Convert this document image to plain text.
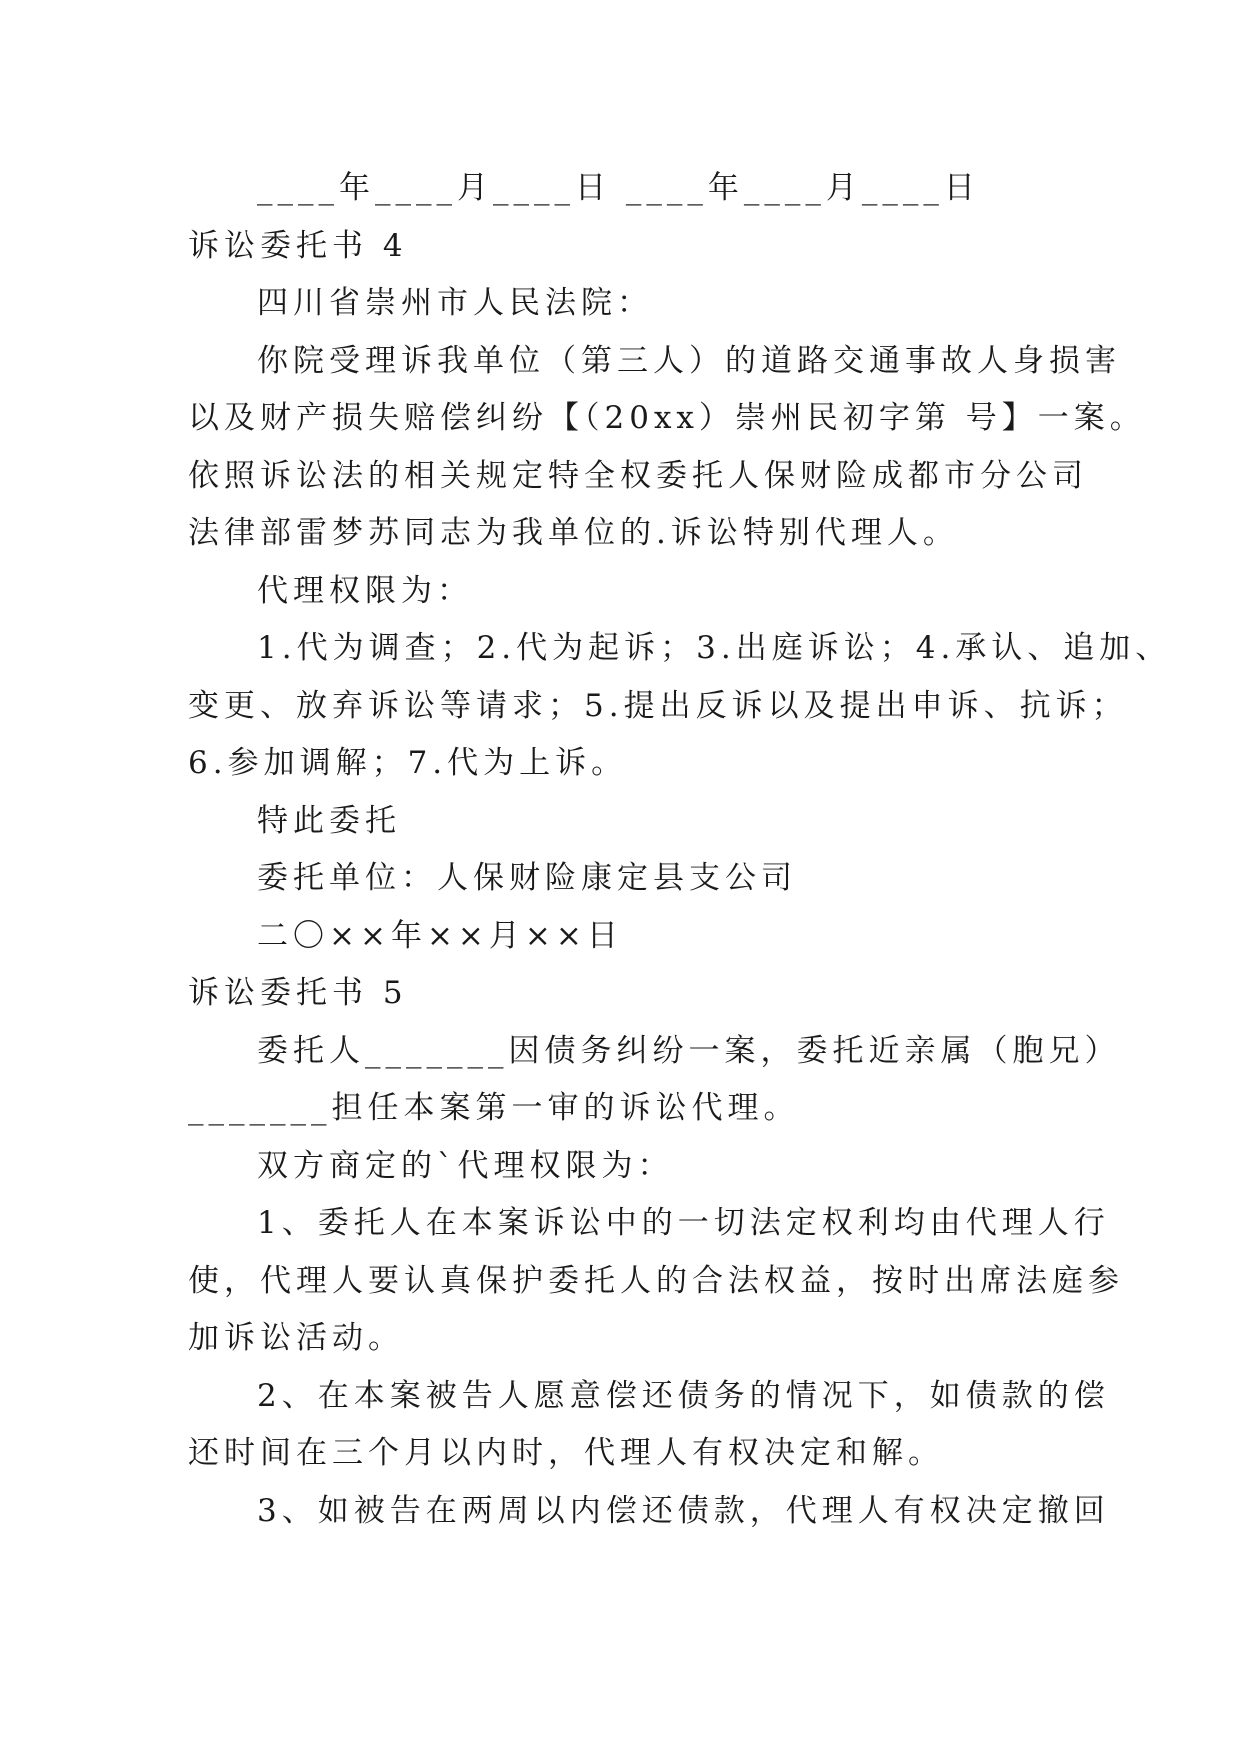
____年____月____日 ____年____月____日
诉讼委托书 4
四川省崇州市人民法院：
你院受理诉我单位（第三人）的道路交通事故人身损害
以及财产损失赔偿纠纷【（20xx）崇州民初字第 号】一案。
依照诉讼法的相关规定特全权委托人保财险成都市分公司
法律部雷梦苏同志为我单位的.诉讼特别代理人。
代理权限为：
1.代为调查；2.代为起诉；3.出庭诉讼；4.承认、追加、
变更、放弃诉讼等请求；5.提出反诉以及提出申诉、抗诉；
6.参加调解；7.代为上诉。
特此委托
委托单位：人保财险康定县支公司
二〇××年××月××日
诉讼委托书 5
委托人_______因债务纠纷一案，委托近亲属（胞兄）
_______担任本案第一审的诉讼代理。
双方商定的`代理权限为：
1、委托人在本案诉讼中的一切法定权利均由代理人行
使，代理人要认真保护委托人的合法权益，按时出席法庭参
加诉讼活动。
2、在本案被告人愿意偿还债务的情况下，如债款的偿
还时间在三个月以内时，代理人有权决定和解。
3、如被告在两周以内偿还债款，代理人有权决定撤回
